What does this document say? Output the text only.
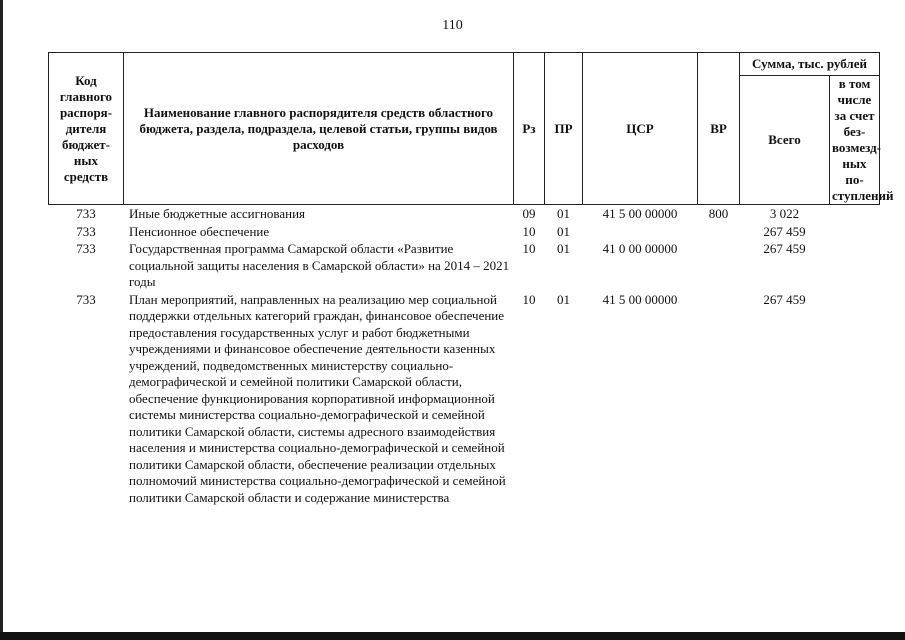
110
Код главного распоря-дителя бюджет-ных средств	Наименование главного распорядителя средств областного бюджета, раздела, подраздела, целевой статьи, группы видов расходов	Рз	ПР	ЦСР	ВР	Сумма, тыс. рублей	
						Всего	в том числе за счет без-возмезд-ных по-ступлений
733	Иные бюджетные ассигнования	09	01	41 5 00 00000	800	3 022	
733	Пенсионное обеспечение	10	01			267 459	
733	Государственная программа Самарской области «Развитие социальной защиты населения в Самарской области» на 2014 – 2021 годы	10	01	41 0 00 00000		267 459	
733	План мероприятий, направленных на реализацию мер социальной поддержки отдельных категорий граждан, финансовое обеспечение предоставления государственных услуг и работ бюджетными учреждениями и финансовое обеспечение деятельности казенных учреждений, подведомственных министерству социально-демографической и семейной политики Самарской области, обеспечение функционирования корпоративной информационной системы министерства социально-демографической и семейной политики Самарской области, системы адресного взаимодействия населения и министерства социально-демографической и семейной политики Самарской области, обеспечение реализации отдельных полномочий министерства социально-демографической и семейной политики Самарской области и содержание министерства	10	01	41 5 00 00000		267 459	
